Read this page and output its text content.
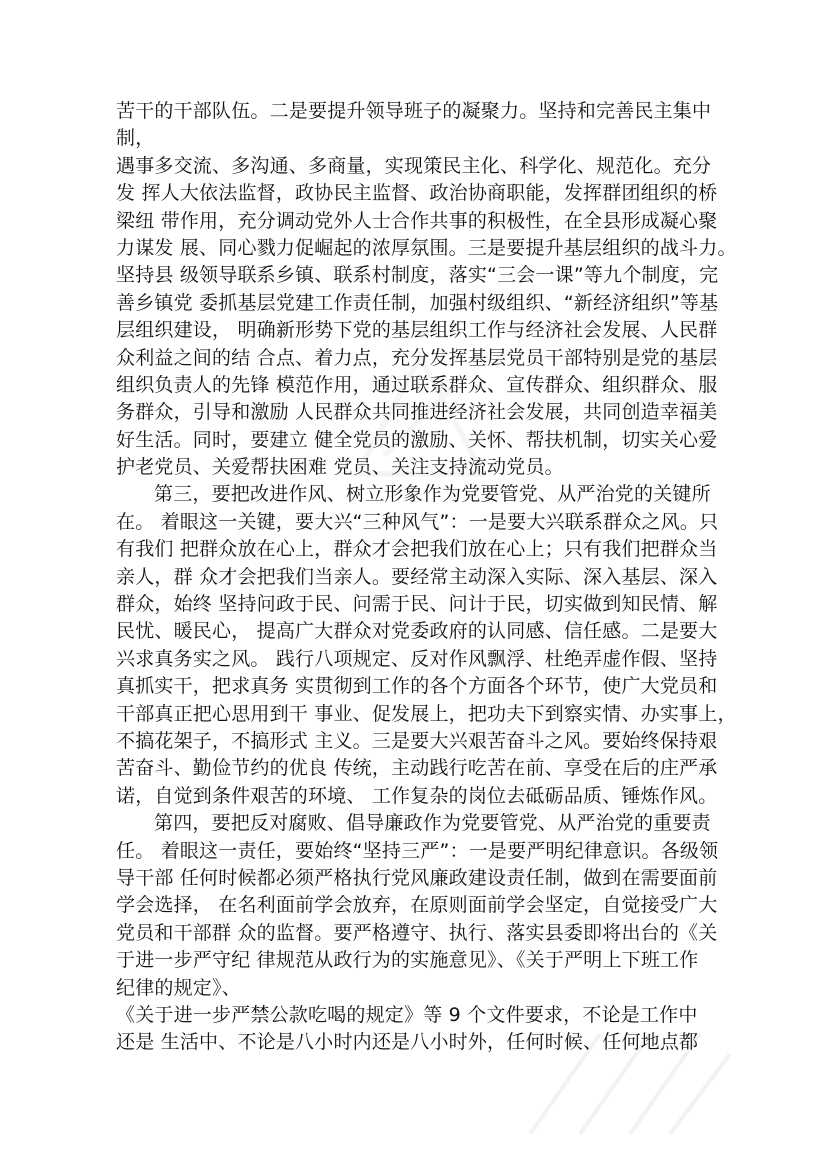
苦干的干部队伍。二是要提升领导班子的凝聚力。坚持和完善民主集中
制，
遇事多交流、多沟通、多商量，实现策民主化、科学化、规范化。充分
发 挥人大依法监督，政协民主监督、政治协商职能，发挥群团组织的桥
梁纽 带作用，充分调动党外人士合作共事的积极性，在全县形成凝心聚
力谋发 展、同心戮力促崛起的浓厚氛围。三是要提升基层组织的战斗力。
坚持县 级领导联系乡镇、联系村制度，落实“三会一课”等九个制度，完
善乡镇党 委抓基层党建工作责任制，加强村级组织、“新经济组织”等基
层组织建设， 明确新形势下党的基层组织工作与经济社会发展、人民群
众利益之间的结 合点、着力点，充分发挥基层党员干部特别是党的基层
组织负责人的先锋 模范作用，通过联系群众、宣传群众、组织群众、服
务群众，引导和激励 人民群众共同推进经济社会发展，共同创造幸福美
好生活。同时，要建立 健全党员的激励、关怀、帮扶机制，切实关心爱
护老党员、关爱帮扶困难 党员、关注支持流动党员。
第三，要把改进作风、树立形象作为党要管党、从严治党的关键所
在。 着眼这一关键，要大兴“三种风气”：一是要大兴联系群众之风。只
有我们 把群众放在心上，群众才会把我们放在心上；只有我们把群众当
亲人，群 众才会把我们当亲人。要经常主动深入实际、深入基层、深入
群众，始终 坚持问政于民、问需于民、问计于民，切实做到知民情、解
民忧、暖民心， 提高广大群众对党委政府的认同感、信任感。二是要大
兴求真务实之风。 践行八项规定、反对作风飘浮、杜绝弄虚作假、坚持
真抓实干，把求真务 实贯彻到工作的各个方面各个环节，使广大党员和
干部真正把心思用到干 事业、促发展上，把功夫下到察实情、办实事上，
不搞花架子，不搞形式 主义。三是要大兴艰苦奋斗之风。要始终保持艰
苦奋斗、勤俭节约的优良 传统，主动践行吃苦在前、享受在后的庄严承
诺，自觉到条件艰苦的环境、 工作复杂的岗位去砥砺品质、锤炼作风。
第四，要把反对腐败、倡导廉政作为党要管党、从严治党的重要责
任。 着眼这一责任，要始终“坚持三严”：一是要严明纪律意识。各级领
导干部 任何时候都必须严格执行党风廉政建设责任制，做到在需要面前
学会选择， 在名利面前学会放弃，在原则面前学会坚定，自觉接受广大
党员和干部群 众的监督。要严格遵守、执行、落实县委即将出台的《关
于进一步严守纪 律规范从政行为的实施意见》、《关于严明上下班工作
纪律的规定》、
《关于进一步严禁公款吃喝的规定》等 9 个文件要求，不论是工作中
还是 生活中、不论是八小时内还是八小时外，任何时候、任何地点都
